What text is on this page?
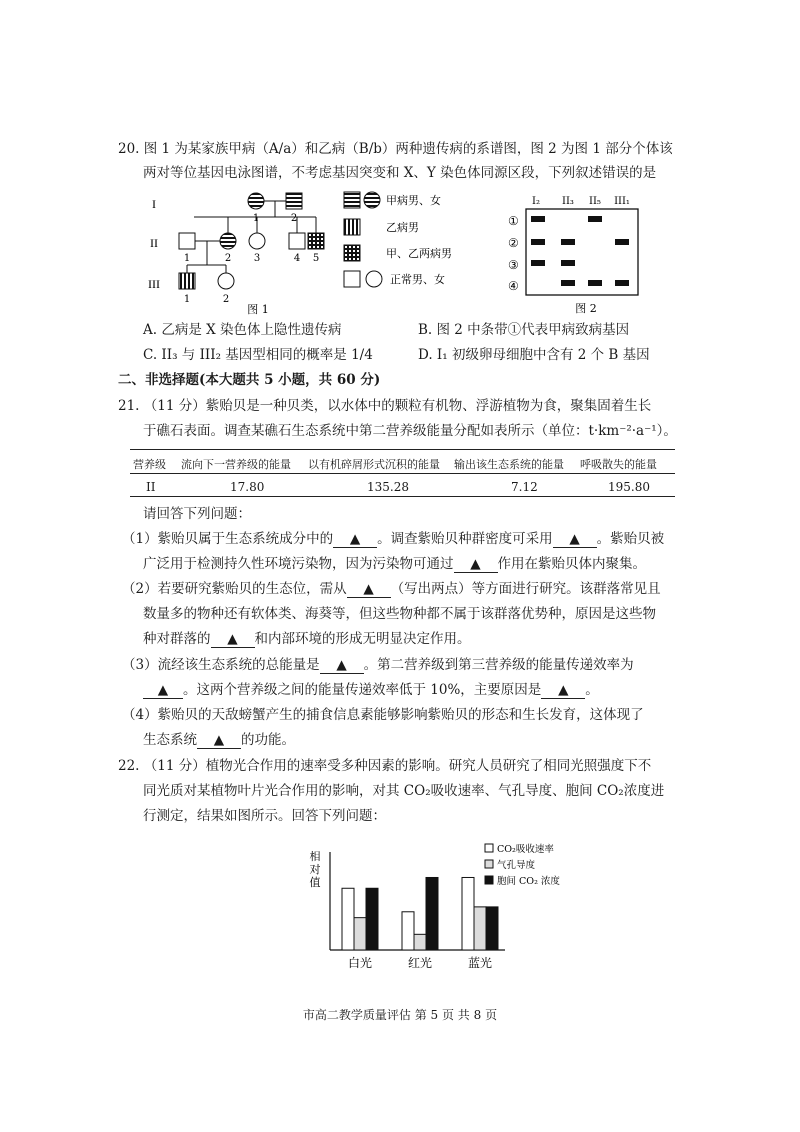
20. 图 1 为某家族甲病（A/a）和乙病（B/b）两种遗传病的系谱图，图 2 为图 1 部分个体该
两对等位基因电泳图谱，不考虑基因突变和 X、Y 染色体同源区段，下列叙述错误的是
I
II
III
1	2
1	2 3	4 5
1	2
甲病男、女
乙病男
甲、乙两病男
正常男、女
图 1
I₂ II₃ II₅ III₁
①
②
③
④
图 2
A. 乙病是 X 染色体上隐性遗传病	B. 图 2 中条带①代表甲病致病基因
C. II₃ 与 III₂ 基因型相同的概率是 1/4	D. I₁ 初级卵母细胞中含有 2 个 B 基因
二、非选择题(本大题共 5 小题，共 60 分)
21. （11 分）紫贻贝是一种贝类，以水体中的颗粒有机物、浮游植物为食，聚集固着生长
于礁石表面。调查某礁石生态系统中第二营养级能量分配如表所示（单位：t·km⁻²·a⁻¹）。
营养级 流向下一营养级的能量 以有机碎屑形式沉积的能量 输出该生态系统的能量 呼吸散失的能量
II	17.80	135.28	7.12	195.80
请回答下列问题：
（1）紫贻贝属于生态系统成分中的 ▲ 。调查紫贻贝种群密度可采用 ▲ 。紫贻贝被
广泛用于检测持久性环境污染物，因为污染物可通过 ▲ 作用在紫贻贝体内聚集。
（2）若要研究紫贻贝的生态位，需从 ▲ （写出两点）等方面进行研究。该群落常见且
数量多的物种还有软体类、海葵等，但这些物种都不属于该群落优势种，原因是这些物
种对群落的 ▲ 和内部环境的形成无明显决定作用。
（3）流经该生态系统的总能量是 ▲ 。第二营养级到第三营养级的能量传递效率为
▲ 。这两个营养级之间的能量传递效率低于 10%，主要原因是 ▲ 。
（4）紫贻贝的天敌螃蟹产生的捕食信息素能够影响紫贻贝的形态和生长发育，这体现了
生态系统 ▲ 的功能。
22. （11 分）植物光合作用的速率受多种因素的影响。研究人员研究了相同光照强度下不
同光质对某植物叶片光合作用的影响，对其 CO₂吸收速率、气孔导度、胞间 CO₂浓度进
行测定，结果如图所示。回答下列问题：
相
对
值
白光	红光	蓝光
CO₂吸收速率
气孔导度
胞间 CO₂ 浓度
市高二教学质量评估 第 5 页 共 8 页
